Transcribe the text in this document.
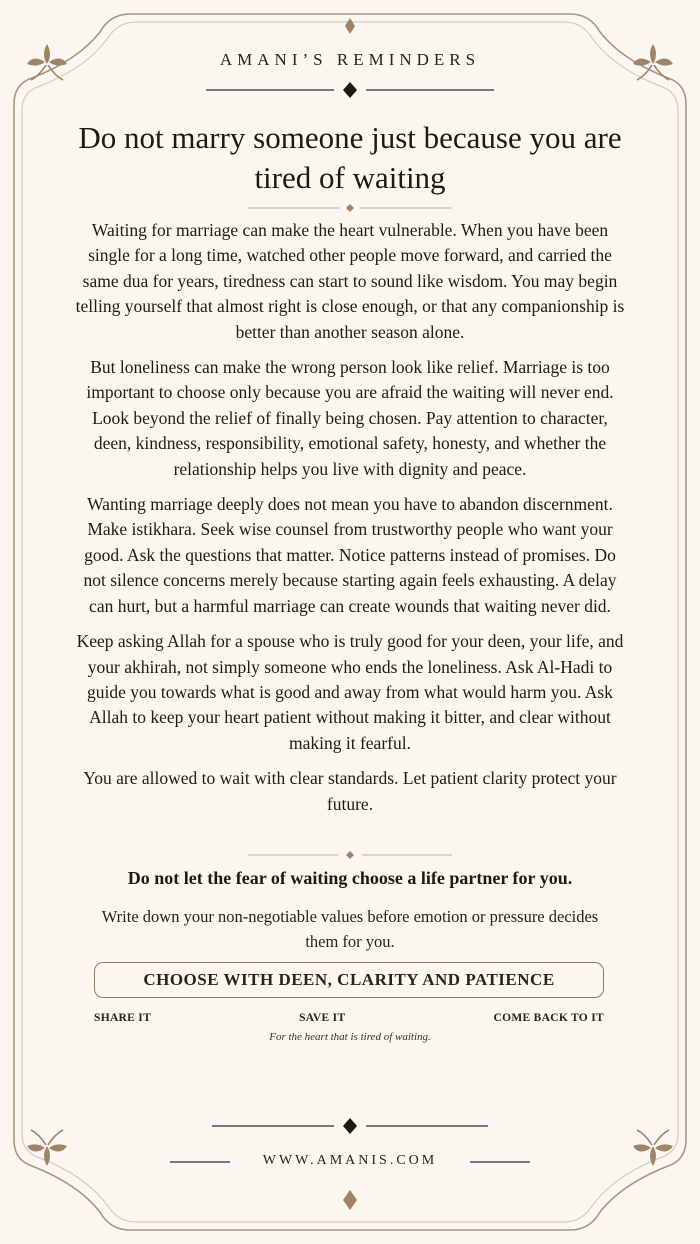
AMANI’S REMINDERS
Do not marry someone just because you are tired of waiting

Waiting for marriage can make the heart vulnerable. When you have been single for a long time, watched other people move forward, and carried the same dua for years, tiredness can start to sound like wisdom. You may begin telling yourself that almost right is close enough, or that any companionship is better than another season alone.

But loneliness can make the wrong person look like relief. Marriage is too important to choose only because you are afraid the waiting will never end. Look beyond the relief of finally being chosen. Pay attention to character, deen, kindness, responsibility, emotional safety, honesty, and whether the relationship helps you live with dignity and peace.

Wanting marriage deeply does not mean you have to abandon discernment. Make istikhara. Seek wise counsel from trustworthy people who want your good. Ask the questions that matter. Notice patterns instead of promises. Do not silence concerns merely because starting again feels exhausting. A delay can hurt, but a harmful marriage can create wounds that waiting never did.

Keep asking Allah for a spouse who is truly good for your deen, your life, and your akhirah, not simply someone who ends the loneliness. Ask Al-Hadi to guide you towards what is good and away from what would harm you. Ask Allah to keep your heart patient without making it bitter, and clear without making it fearful.

You are allowed to wait with clear standards. Let patient clarity protect your future.

Do not let the fear of waiting choose a life partner for you.
Write down your non-negotiable values before emotion or pressure decides them for you.
CHOOSE WITH DEEN, CLARITY AND PATIENCE
SHARE IT	SAVE IT	COME BACK TO IT
For the heart that is tired of waiting.
WWW.AMANIS.COM
